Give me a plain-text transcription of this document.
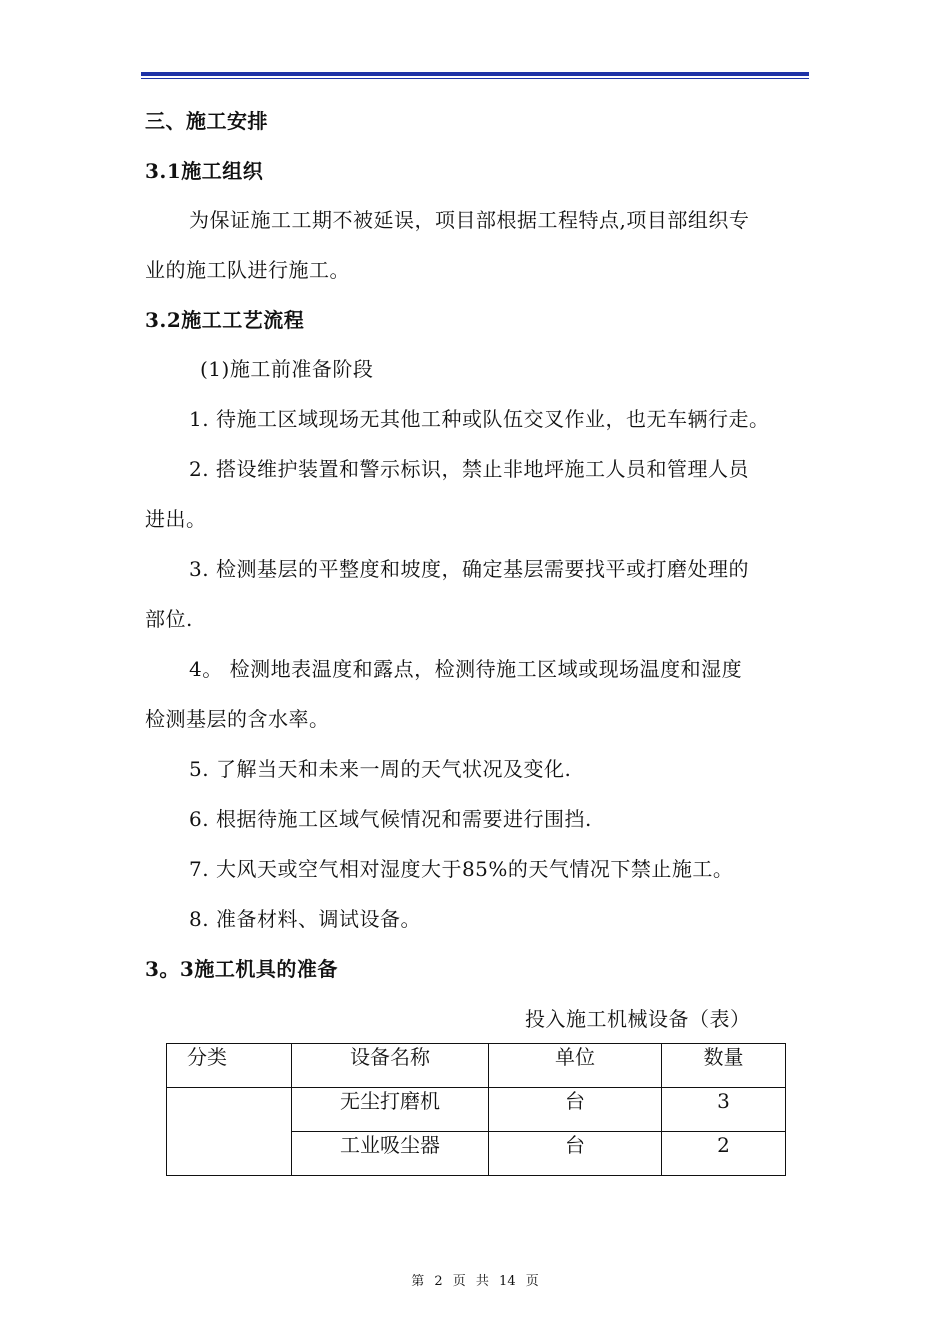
三、施工安排
3.1施工组织
为保证施工工期不被延误，项目部根据工程特点,项目部组织专
业的施工队进行施工。
3.2施工工艺流程
(1)施工前准备阶段
1. 待施工区域现场无其他工种或队伍交叉作业，也无车辆行走。
2. 搭设维护装置和警示标识，禁止非地坪施工人员和管理人员
进出。
3. 检测基层的平整度和坡度，确定基层需要找平或打磨处理的
部位.
4。 检测地表温度和露点，检测待施工区域或现场温度和湿度
检测基层的含水率。
5. 了解当天和未来一周的天气状况及变化.
6. 根据待施工区域气候情况和需要进行围挡.
7. 大风天或空气相对湿度大于85%的天气情况下禁止施工。
8. 准备材料、调试设备。
3。3施工机具的准备
投入施工机械设备（表）
分类	设备名称	单位	数量
	无尘打磨机	台	3
	工业吸尘器	台	2
第 2 页 共 14 页
